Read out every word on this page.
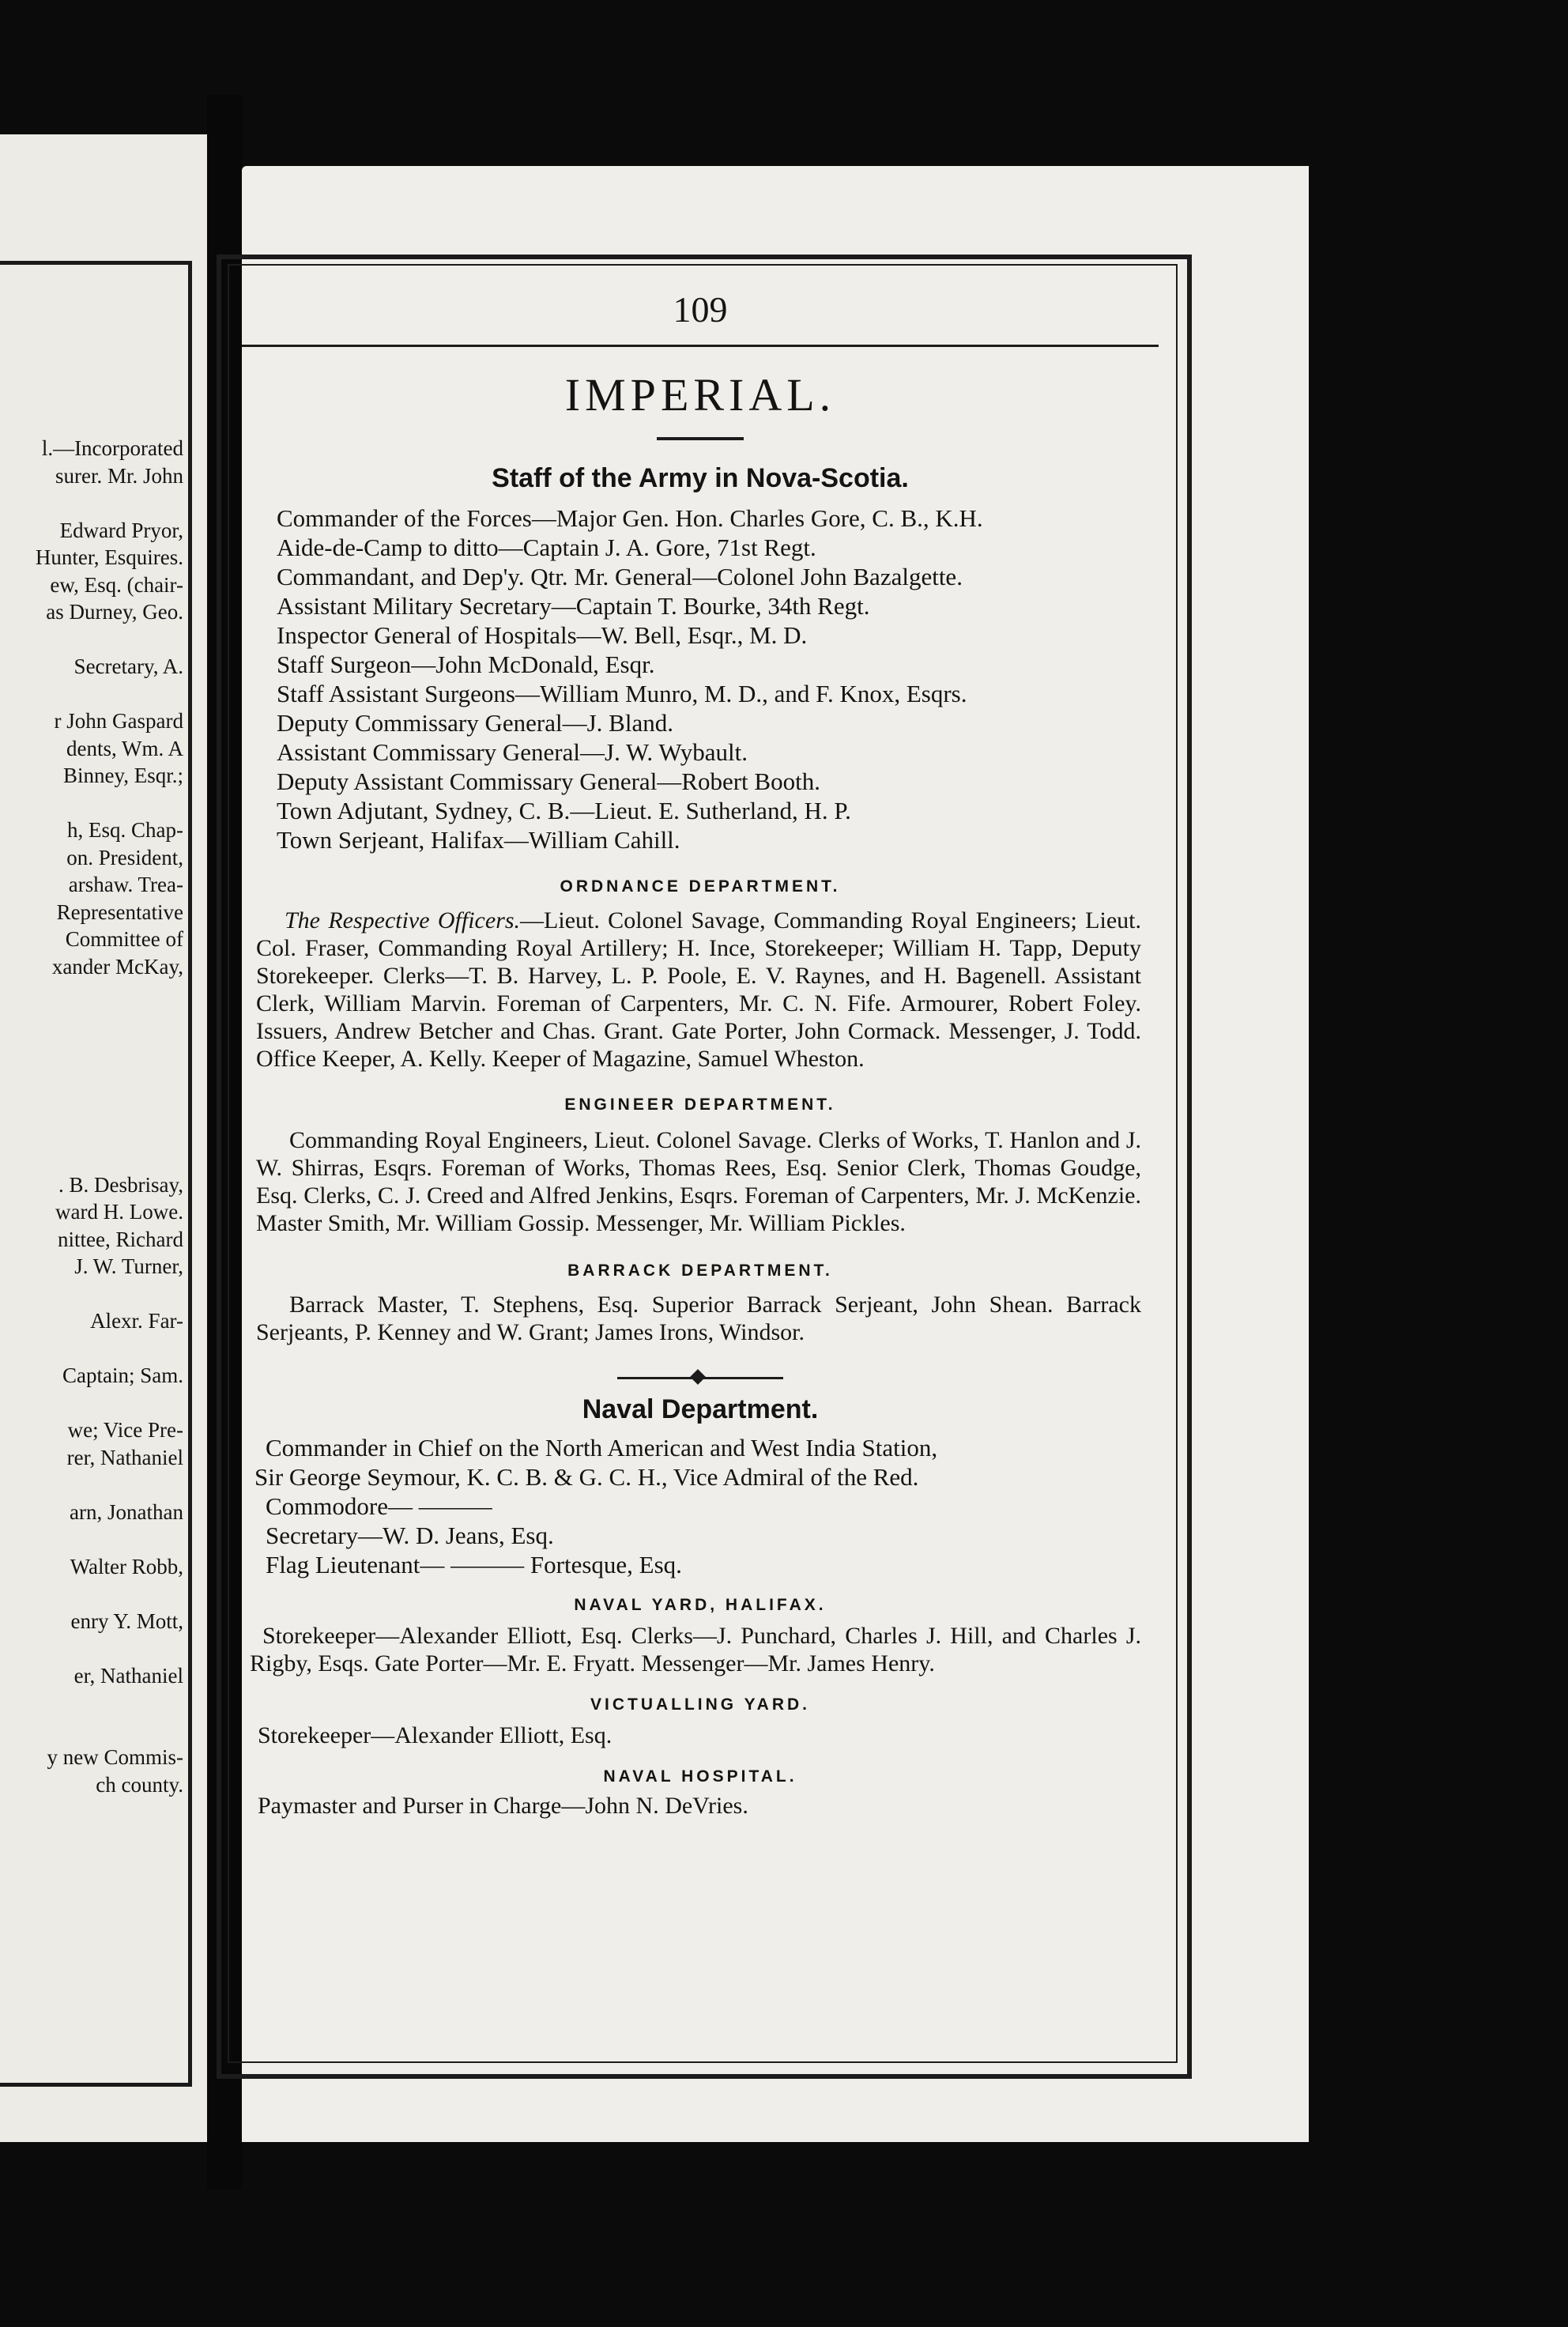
l.—Incorporated
surer. Mr. John
Edward Pryor,
Hunter, Esquires.
ew, Esq. (chair-
as Durney, Geo.
Secretary, A.
r John Gaspard
dents, Wm. A
Binney, Esqr.;
h, Esq. Chap-
on. President,
arshaw. Trea-
Representative
Committee of
xander McKay,
. B. Desbrisay,
ward H. Lowe.
nittee, Richard
J. W. Turner,
Alexr. Far-
Captain; Sam.
we; Vice Pre-
rer, Nathaniel
arn, Jonathan
Walter Robb,
enry Y. Mott,
er, Nathaniel
y new Commis-
ch county.
109
IMPERIAL.
Staff of the Army in Nova-Scotia.
Commander of the Forces—Major Gen. Hon. Charles Gore, C. B., K.H.
Aide-de-Camp to ditto—Captain J. A. Gore, 71st Regt.
Commandant, and Dep'y. Qtr. Mr. General—Colonel John Bazalgette.
Assistant Military Secretary—Captain T. Bourke, 34th Regt.
Inspector General of Hospitals—W. Bell, Esqr., M. D.
Staff Surgeon—John McDonald, Esqr.
Staff Assistant Surgeons—William Munro, M. D., and F. Knox, Esqrs.
Deputy Commissary General—J. Bland.
Assistant Commissary General—J. W. Wybault.
Deputy Assistant Commissary General—Robert Booth.
Town Adjutant, Sydney, C. B.—Lieut. E. Sutherland, H. P.
Town Serjeant, Halifax—William Cahill.
ORDNANCE DEPARTMENT.
The Respective Officers.—Lieut. Colonel Savage, Commanding Royal Engineers; Lieut. Col. Fraser, Commanding Royal Artillery; H. Ince, Storekeeper; William H. Tapp, Deputy Storekeeper. Clerks—T. B. Harvey, L. P. Poole, E. V. Raynes, and H. Bagenell. Assistant Clerk, William Marvin. Foreman of Carpenters, Mr. C. N. Fife. Armourer, Robert Foley. Issuers, Andrew Betcher and Chas. Grant. Gate Porter, John Cormack. Messenger, J. Todd. Office Keeper, A. Kelly. Keeper of Magazine, Samuel Wheston.
ENGINEER DEPARTMENT.
Commanding Royal Engineers, Lieut. Colonel Savage. Clerks of Works, T. Hanlon and J. W. Shirras, Esqrs. Foreman of Works, Thomas Rees, Esq. Senior Clerk, Thomas Goudge, Esq. Clerks, C. J. Creed and Alfred Jenkins, Esqrs. Foreman of Carpenters, Mr. J. McKenzie. Master Smith, Mr. William Gossip. Messenger, Mr. William Pickles.
BARRACK DEPARTMENT.
Barrack Master, T. Stephens, Esq. Superior Barrack Serjeant, John Shean. Barrack Serjeants, P. Kenney and W. Grant; James Irons, Windsor.
Naval Department.
Commander in Chief on the North American and West India Station,
Sir George Seymour, K. C. B. & G. C. H., Vice Admiral of the Red.
Commodore— ———
Secretary—W. D. Jeans, Esq.
Flag Lieutenant— ——— Fortesque, Esq.
NAVAL YARD, HALIFAX.
Storekeeper—Alexander Elliott, Esq. Clerks—J. Punchard, Charles J. Hill, and Charles J. Rigby, Esqs. Gate Porter—Mr. E. Fryatt. Messenger—Mr. James Henry.
VICTUALLING YARD.
Storekeeper—Alexander Elliott, Esq.
NAVAL HOSPITAL.
Paymaster and Purser in Charge—John N. DeVries.
